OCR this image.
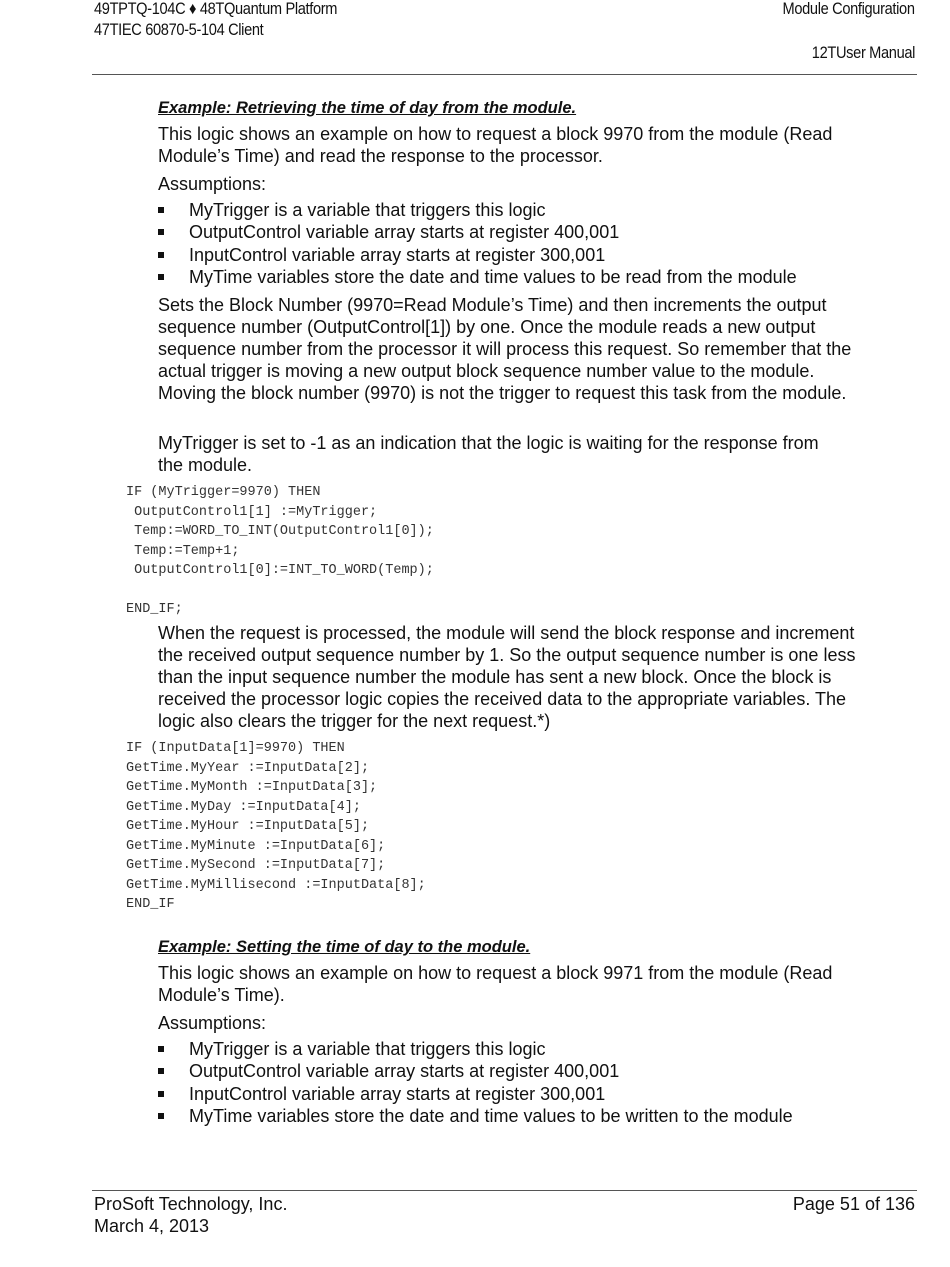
49TPTQ-104C ♦ 48TQuantum Platform
47TIEC 60870-5-104 Client
Module Configuration
12TUser Manual
Example: Retrieving the time of day from the module.

This logic shows an example on how to request a block 9970 from the module (Read Module’s Time) and read the response to the processor.

Assumptions:

MyTrigger is a variable that triggers this logic
OutputControl variable array starts at register 400,001
InputControl variable array starts at register 300,001
MyTime variables store the date and time values to be read from the module

Sets the Block Number (9970=Read Module’s Time) and then increments the output sequence number (OutputControl[1]) by one. Once the module reads a new output sequence number from the processor it will process this request. So remember that the actual trigger is moving a new output block sequence number value to the module. Moving the block number (9970) is not the trigger to request this task from the module.

MyTrigger is set to -1 as an indication that the logic is waiting for the response from the module.

IF (MyTrigger=9970) THEN
OutputControl1[1] :=MyTrigger;
Temp:=WORD_TO_INT(OutputControl1[0]);
Temp:=Temp+1;
OutputControl1[0]:=INT_TO_WORD(Temp);

END_IF;

When the request is processed, the module will send the block response and increment the received output sequence number by 1. So the output sequence number is one less than the input sequence number the module has sent a new block. Once the block is received the processor logic copies the received data to the appropriate variables. The logic also clears the trigger for the next request.*)

IF (InputData[1]=9970) THEN
GetTime.MyYear :=InputData[2];
GetTime.MyMonth :=InputData[3];
GetTime.MyDay :=InputData[4];
GetTime.MyHour :=InputData[5];
GetTime.MyMinute :=InputData[6];
GetTime.MySecond :=InputData[7];
GetTime.MyMillisecond :=InputData[8];
END_IF
Example: Setting the time of day to the module.

This logic shows an example on how to request a block 9971 from the module (Read Module’s Time).

Assumptions:

MyTrigger is a variable that triggers this logic
OutputControl variable array starts at register 400,001
InputControl variable array starts at register 300,001
MyTime variables store the date and time values to be written to the module
ProSoft Technology, Inc.
March 4, 2013
Page 51 of 136
